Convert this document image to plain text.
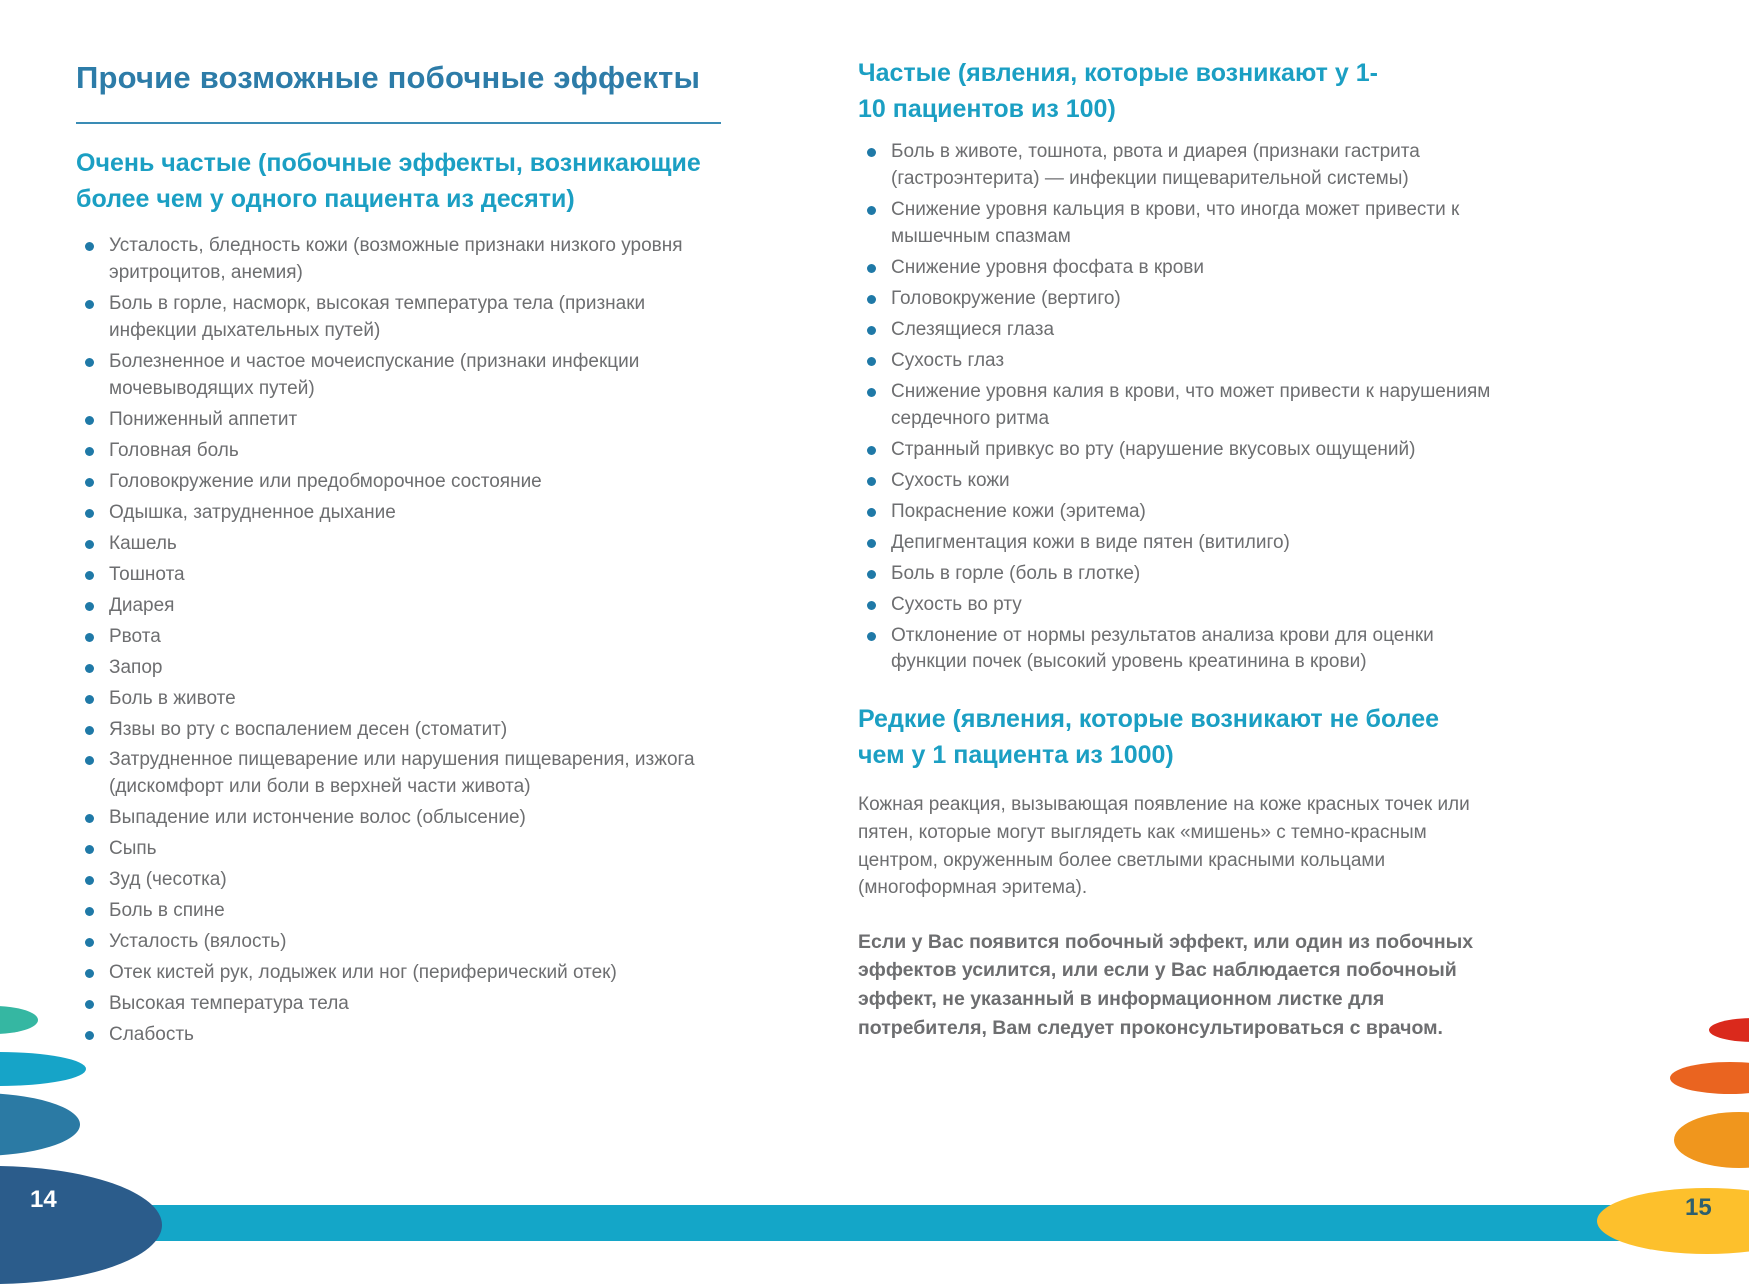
Прочие возможные побочные эффекты
Очень частые (побочные эффекты, возникающие более чем у одного пациента из десяти)
Усталость, бледность кожи (возможные признаки низкого уровня эритроцитов, анемия)
Боль в горле, насморк, высокая температура тела (признаки инфекции дыхательных путей)
Болезненное и частое мочеиспускание (признаки инфекции мочевыводящих путей)
Пониженный аппетит
Головная боль
Головокружение или предобморочное состояние
Одышка, затрудненное дыхание
Кашель
Тошнота
Диарея
Рвота
Запор
Боль в животе
Язвы во рту с воспалением десен (стоматит)
Затрудненное пищеварение или нарушения пищеварения, изжога (дискомфорт или боли в верхней части живота)
Выпадение или истончение волос (облысение)
Сыпь
Зуд (чесотка)
Боль в спине
Усталость (вялость)
Отек кистей рук, лодыжек или ног (периферический отек)
Высокая температура тела
Слабость
Частые (явления, которые возникают у 1-10 пациентов из 100)
Боль в животе, тошнота, рвота и диарея (признаки гастрита (гастроэнтерита) — инфекции пищеварительной системы)
Снижение уровня кальция в крови, что иногда может привести к мышечным спазмам
Снижение уровня фосфата в крови
Головокружение (вертиго)
Слезящиеся глаза
Сухость глаз
Снижение уровня калия в крови, что может привести к нарушениям сердечного ритма
Странный привкус во рту (нарушение вкусовых ощущений)
Сухость кожи
Покраснение кожи (эритема)
Депигментация кожи в виде пятен (витилиго)
Боль в горле (боль в глотке)
Сухость во рту
Отклонение от нормы результатов анализа крови для оценки функции почек (высокий уровень креатинина в крови)
Редкие (явления, которые возникают не более чем у 1 пациента из 1000)

Кожная реакция, вызывающая появление на коже красных точек или пятен, которые могут выглядеть как «мишень» с темно-красным центром, окруженным более светлыми красными кольцами (многоформная эритема).

Если у Вас появится побочный эффект, или один из побочных эффектов усилится, или если у Вас наблюдается побочноый эффект, не указанный в информационном листке для потребителя, Вам следует проконсультироваться с врачом.

14	15
